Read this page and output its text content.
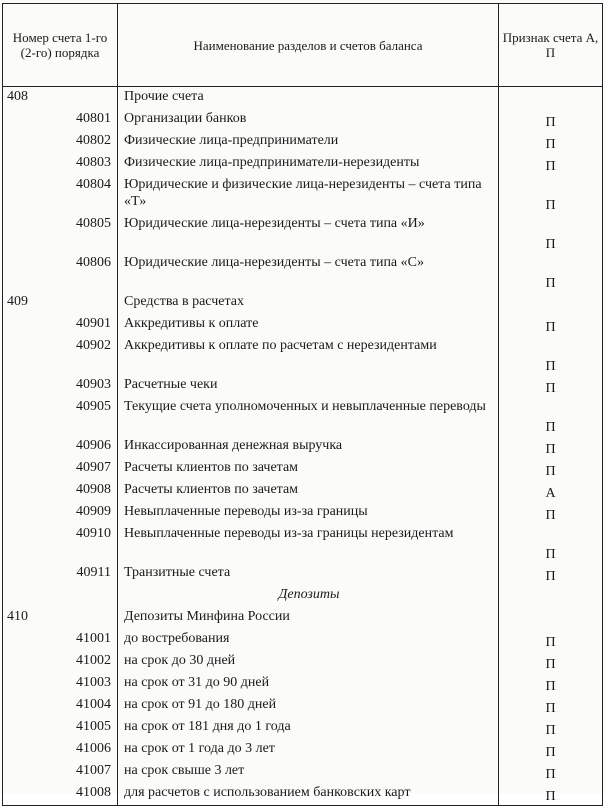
Номер счета 1-го (2-го) порядка	Наименование разделов и счетов баланса	Признак счета А, П
408	Прочие счета	
40801	Организации банков	П
40802	Физические лица-предприниматели	П
40803	Физические лица-предприниматели-нерезиденты	П
40804	Юридические и физические лица-нерезиденты – счета типа «Т»	П
40805	Юридические лица-нерезиденты – счета типа «И»	П
40806	Юридические лица-нерезиденты – счета типа «С»	П
409	Средства в расчетах	
40901	Аккредитивы к оплате	П
40902	Аккредитивы к оплате по расчетам с нерезидентами	П
40903	Расчетные чеки	П
40905	Текущие счета уполномоченных и невыплаченные переводы	П
40906	Инкассированная денежная выручка	П
40907	Расчеты клиентов по зачетам	П
40908	Расчеты клиентов по зачетам	А
40909	Невыплаченные переводы из-за границы	П
40910	Невыплаченные переводы из-за границы нерезидентам	П
40911	Транзитные счета	П
	Депозиты	
410	Депозиты Минфина России	
41001	до востребования	П
41002	на срок до 30 дней	П
41003	на срок от 31 до 90 дней	П
41004	на срок от 91 до 180 дней	П
41005	на срок от 181 дня до 1 года	П
41006	на срок от 1 года до 3 лет	П
41007	на срок свыше 3 лет	П
41008	для расчетов с использованием банковских карт	П
